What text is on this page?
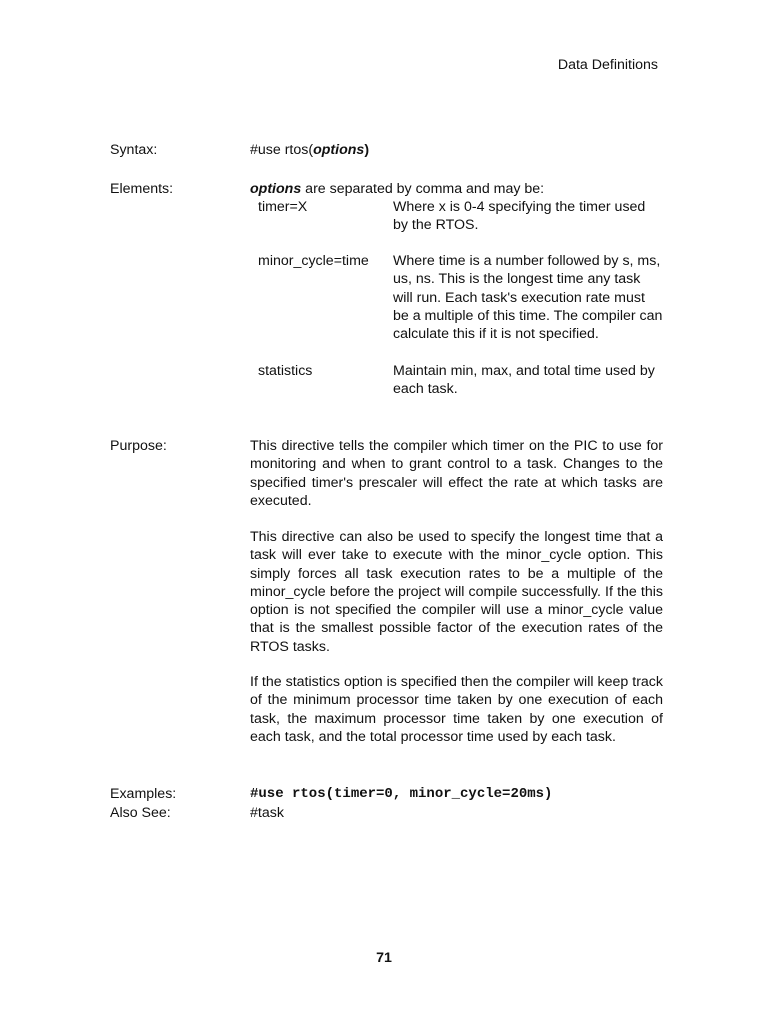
Data Definitions
Syntax:	#use rtos(options)
Elements:	options are separated by comma and may be:
timer=X	Where x is 0-4 specifying the timer used by the RTOS.
minor_cycle=time Where time is a number followed by s, ms, us, ns. This is the longest time any task will run. Each task's execution rate must be a multiple of this time. The compiler can calculate this if it is not specified.
statistics	Maintain min, max, and total time used by each task.
Purpose:	This directive tells the compiler which timer on the PIC to use for monitoring and when to grant control to a task. Changes to the specified timer's prescaler will effect the rate at which tasks are executed.

This directive can also be used to specify the longest time that a task will ever take to execute with the minor_cycle option. This simply forces all task execution rates to be a multiple of the minor_cycle before the project will compile successfully. If the this option is not specified the compiler will use a minor_cycle value that is the smallest possible factor of the execution rates of the RTOS tasks.

If the statistics option is specified then the compiler will keep track of the minimum processor time taken by one execution of each task, the maximum processor time taken by one execution of each task, and the total processor time used by each task.

Examples:	#use rtos(timer=0, minor_cycle=20ms)
Also See:	#task
71
